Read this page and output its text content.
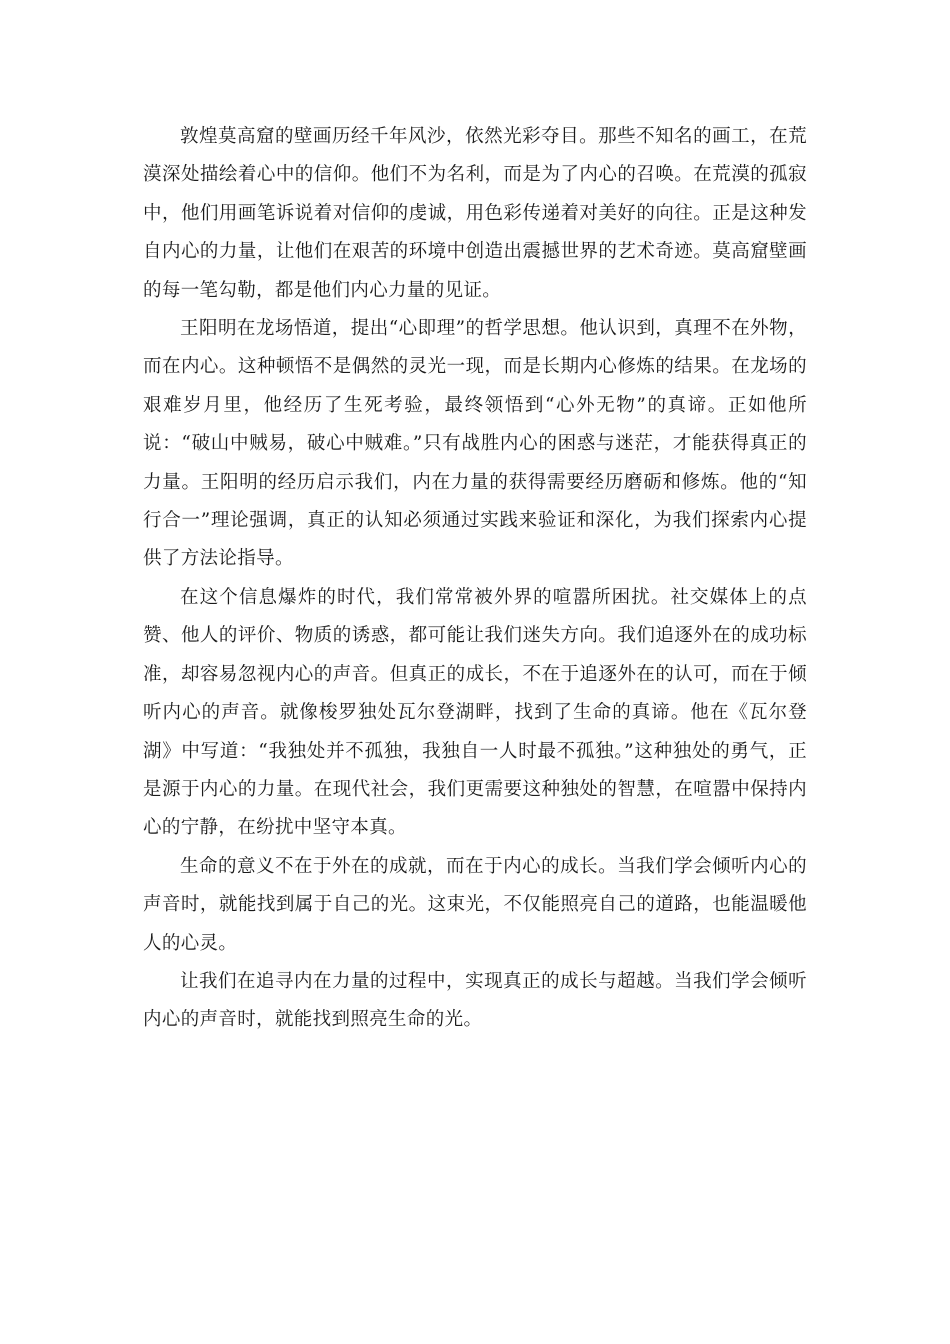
敦煌莫高窟的壁画历经千年风沙，依然光彩夺目。那些不知名的画工，在荒漠深处描绘着心中的信仰。他们不为名利，而是为了内心的召唤。在荒漠的孤寂中，他们用画笔诉说着对信仰的虔诚，用色彩传递着对美好的向往。正是这种发自内心的力量，让他们在艰苦的环境中创造出震撼世界的艺术奇迹。莫高窟壁画的每一笔勾勒，都是他们内心力量的见证。

王阳明在龙场悟道，提出“心即理”的哲学思想。他认识到，真理不在外物，而在内心。这种顿悟不是偶然的灵光一现，而是长期内心修炼的结果。在龙场的艰难岁月里，他经历了生死考验，最终领悟到“心外无物”的真谛。正如他所说：“破山中贼易，破心中贼难。”只有战胜内心的困惑与迷茫，才能获得真正的力量。王阳明的经历启示我们，内在力量的获得需要经历磨砺和修炼。他的“知行合一”理论强调，真正的认知必须通过实践来验证和深化，为我们探索内心提供了方法论指导。

在这个信息爆炸的时代，我们常常被外界的喧嚣所困扰。社交媒体上的点赞、他人的评价、物质的诱惑，都可能让我们迷失方向。我们追逐外在的成功标准，却容易忽视内心的声音。但真正的成长，不在于追逐外在的认可，而在于倾听内心的声音。就像梭罗独处瓦尔登湖畔，找到了生命的真谛。他在《瓦尔登湖》中写道：“我独处并不孤独，我独自一人时最不孤独。”这种独处的勇气，正是源于内心的力量。在现代社会，我们更需要这种独处的智慧，在喧嚣中保持内心的宁静，在纷扰中坚守本真。

生命的意义不在于外在的成就，而在于内心的成长。当我们学会倾听内心的声音时，就能找到属于自己的光。这束光，不仅能照亮自己的道路，也能温暖他人的心灵。

让我们在追寻内在力量的过程中，实现真正的成长与超越。当我们学会倾听内心的声音时，就能找到照亮生命的光。
